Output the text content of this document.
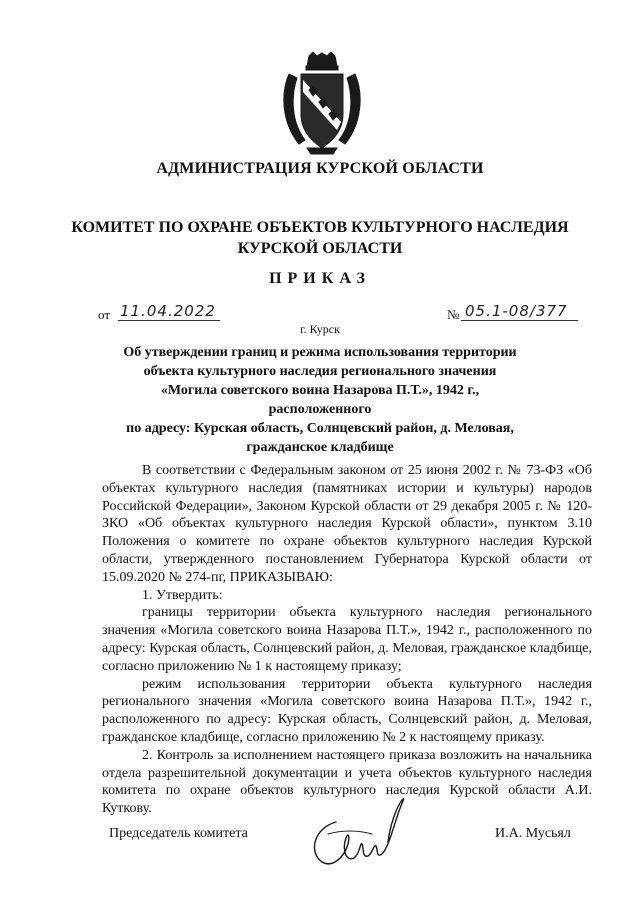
АДМИНИСТРАЦИЯ КУРСКОЙ ОБЛАСТИ
КОМИТЕТ ПО ОХРАНЕ ОБЪЕКТОВ КУЛЬТУРНОГО НАСЛЕДИЯ
КУРСКОЙ ОБЛАСТИ
ПРИКАЗ
от 11.04.2022	№ 05.1-08/377
г. Курск
Об утверждении границ и режима использования территории
объекта культурного наследия регионального значения
«Могила советского воина Назарова П.Т.», 1942 г., расположенного
по адресу: Курская область, Солнцевский район, д. Меловая,
гражданское кладбище

В соответствии с Федеральным законом от 25 июня 2002 г. № 73-ФЗ «Об объектах культурного наследия (памятниках истории и культуры) народов Российской Федерации», Законом Курской области от 29 декабря 2005 г. № 120-ЗКО «Об объектах культурного наследия Курской области», пунктом 3.10 Положения о комитете по охране объектов культурного наследия Курской области, утвержденного постановлением Губернатора Курской области от 15.09.2020 № 274-пг, ПРИКАЗЫВАЮ:

1. Утвердить:

границы территории объекта культурного наследия регионального значения «Могила советского воина Назарова П.Т.», 1942 г., расположенного по адресу: Курская область, Солнцевский район, д. Меловая, гражданское кладбище, согласно приложению № 1 к настоящему приказу;

режим использования территории объекта культурного наследия регионального значения «Могила советского воина Назарова П.Т.», 1942 г., расположенного по адресу: Курская область, Солнцевский район, д. Меловая, гражданское кладбище, согласно приложению № 2 к настоящему приказу.

2. Контроль за исполнением настоящего приказа возложить на начальника отдела разрешительной документации и учета объектов культурного наследия комитета по охране объектов культурного наследия Курской области А.И. Куткову.

Председатель комитета	И.А. Мусьял
